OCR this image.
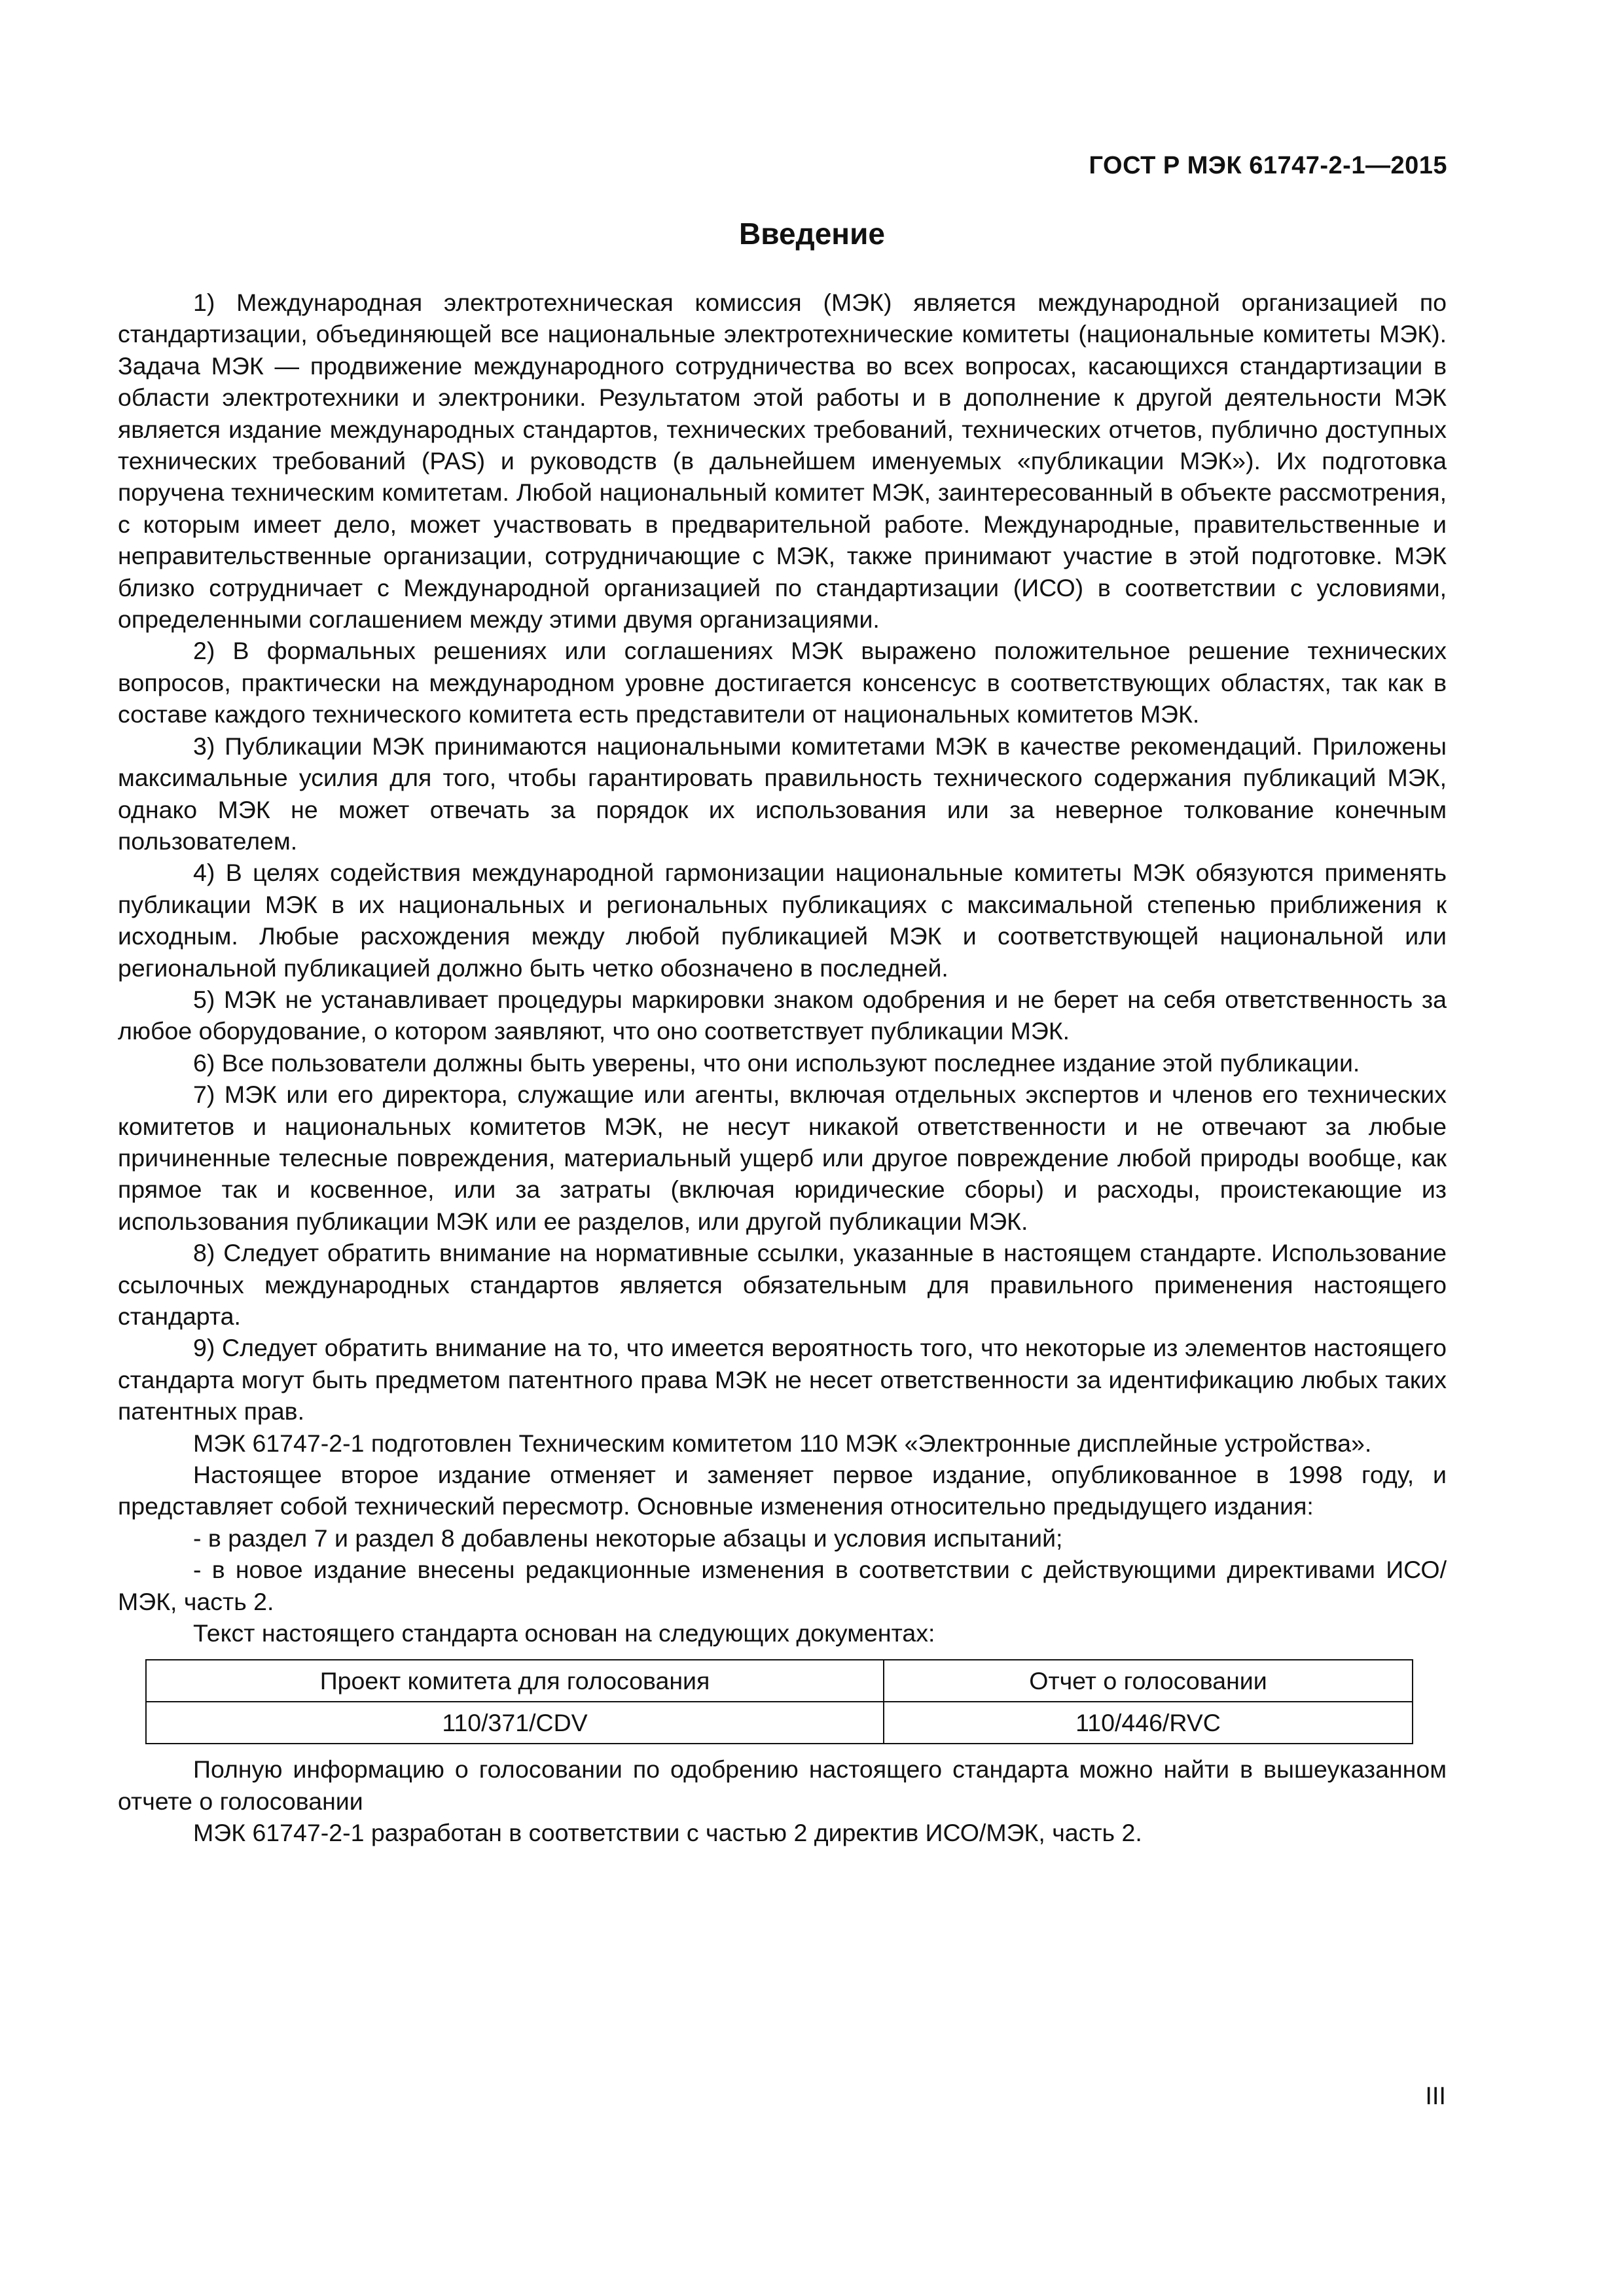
ГОСТ Р МЭК 61747-2-1—2015
Введение

1) Международная электротехническая комиссия (МЭК) является международной организацией по стандартизации, объединяющей все национальные электротехнические комитеты (национальные комитеты МЭК). Задача МЭК — продвижение международного сотрудничества во всех вопросах, касающихся стандартизации в области электротехники и электроники. Результатом этой работы и в дополнение к другой деятельности МЭК является издание международных стандартов, технических требований, технических отчетов, публично доступных технических требований (PAS) и руководств (в дальнейшем именуемых «публикации МЭК»). Их подготовка поручена техническим комитетам. Любой национальный комитет МЭК, заинтересованный в объекте рассмотрения, с которым имеет дело, может участвовать в предварительной работе. Международные, правительственные и неправительственные организации, сотрудничающие с МЭК, также принимают участие в этой подготовке. МЭК близко сотрудничает с Международной организацией по стандартизации (ИСО) в соответствии с условиями, определенными соглашением между этими двумя организациями.

2) В формальных решениях или соглашениях МЭК выражено положительное решение технических вопросов, практически на международном уровне достигается консенсус в соответствующих областях, так как в составе каждого технического комитета есть представители от национальных комитетов МЭК.

3) Публикации МЭК принимаются национальными комитетами МЭК в качестве рекомендаций. Приложены максимальные усилия для того, чтобы гарантировать правильность технического содержания публикаций МЭК, однако МЭК не может отвечать за порядок их использования или за неверное толкование конечным пользователем.

4) В целях содействия международной гармонизации национальные комитеты МЭК обязуются применять публикации МЭК в их национальных и региональных публикациях с максимальной степенью приближения к исходным. Любые расхождения между любой публикацией МЭК и соответствующей национальной или региональной публикацией должно быть четко обозначено в последней.

5) МЭК не устанавливает процедуры маркировки знаком одобрения и не берет на себя ответственность за любое оборудование, о котором заявляют, что оно соответствует публикации МЭК.

6) Все пользователи должны быть уверены, что они используют последнее издание этой публикации.

7) МЭК или его директора, служащие или агенты, включая отдельных экспертов и членов его технических комитетов и национальных комитетов МЭК, не несут никакой ответственности и не отвечают за любые причиненные телесные повреждения, материальный ущерб или другое повреждение любой природы вообще, как прямое так и косвенное, или за затраты (включая юридические сборы) и расходы, проистекающие из использования публикации МЭК или ее разделов, или другой публикации МЭК.

8) Следует обратить внимание на нормативные ссылки, указанные в настоящем стандарте. Использование ссылочных международных стандартов является обязательным для правильного применения настоящего стандарта.

9) Следует обратить внимание на то, что имеется вероятность того, что некоторые из элементов настоящего стандарта могут быть предметом патентного права МЭК не несет ответственности за идентификацию любых таких патентных прав.

МЭК 61747-2-1 подготовлен Техническим комитетом 110 МЭК «Электронные дисплейные устройства».

Настоящее второе издание отменяет и заменяет первое издание, опубликованное в 1998 году, и представляет собой технический пересмотр. Основные изменения относительно предыдущего издания:

- в раздел 7 и раздел 8 добавлены некоторые абзацы и условия испытаний;

- в новое издание внесены редакционные изменения в соответствии с действующими директивами ИСО/МЭК, часть 2.

Текст настоящего стандарта основан на следующих документах:

Проект комитета для голосования	Отчет о голосовании
110/371/CDV	110/446/RVC

Полную информацию о голосовании по одобрению настоящего стандарта можно найти в вышеуказанном отчете о голосовании

МЭК 61747-2-1 разработан в соответствии с частью 2 директив ИСО/МЭК, часть 2.

III
